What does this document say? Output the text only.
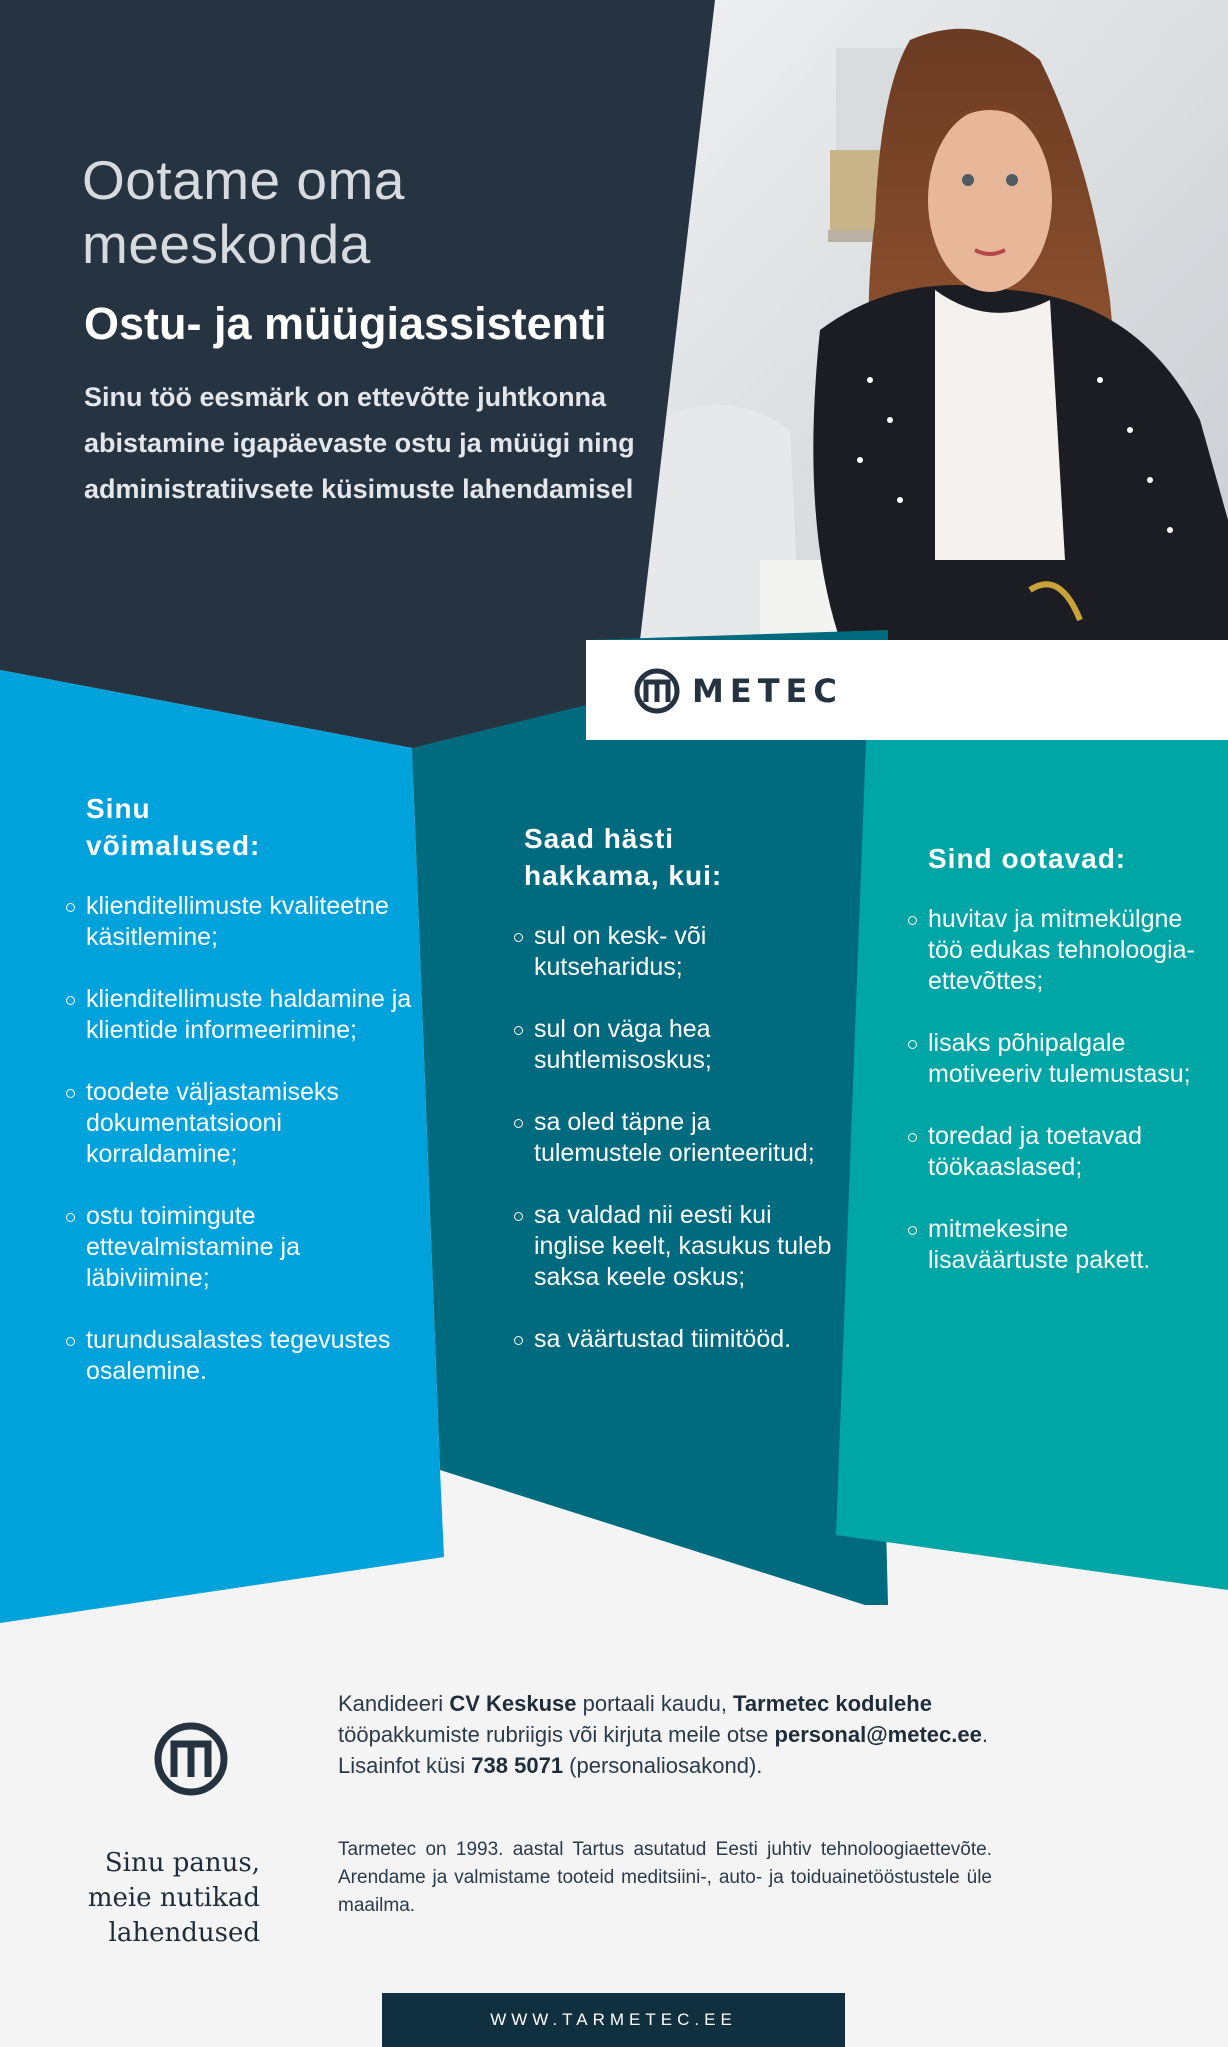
Ootame oma meeskonda

Ostu- ja müügiassistenti

Sinu töö eesmärk on ettevõtte juhtkonna abistamine igapäevaste ostu ja müügi ning administratiivsete küsimuste lahendamisel

METEC
Sinu võimalused:
klienditellimuste kvaliteetne käsitlemine;
klienditellimuste haldamine ja klientide informeerimine;
toodete väljastamiseks dokumentatsiooni korraldamine;
ostu toimingute ettevalmistamine ja läbiviimine;
turundusalastes tegevustes osalemine.
Saad hästi hakkama, kui:
sul on kesk- või kutseharidus;
sul on väga hea suhtlemisoskus;
sa oled täpne ja tulemustele orienteeritud;
sa valdad nii eesti kui inglise keelt, kasukus tuleb saksa keele oskus;
sa väärtustad tiimitööd.
Sind ootavad:
huvitav ja mitmekülgne töö edukas tehnoloogia-ettevõttes;
lisaks põhipalgale motiveeriv tulemustasu;
toredad ja toetavad töökaaslased;
mitmekesine lisaväärtuste pakett.

Kandideeri CV Keskuse portaali kaudu, Tarmetec kodulehe tööpakkumiste rubriigis või kirjuta meile otse personal@metec.ee. Lisainfot küsi 738 5071 (personaliosakond).

Tarmetec on 1993. aastal Tartus asutatud Eesti juhtiv tehnoloogiaettevõte. Arendame ja valmistame tooteid meditsiini-, auto- ja toiduainetööstustele üle maailma.

Sinu panus, meie nutikad lahendused

WWW.TARMETEC.EE
